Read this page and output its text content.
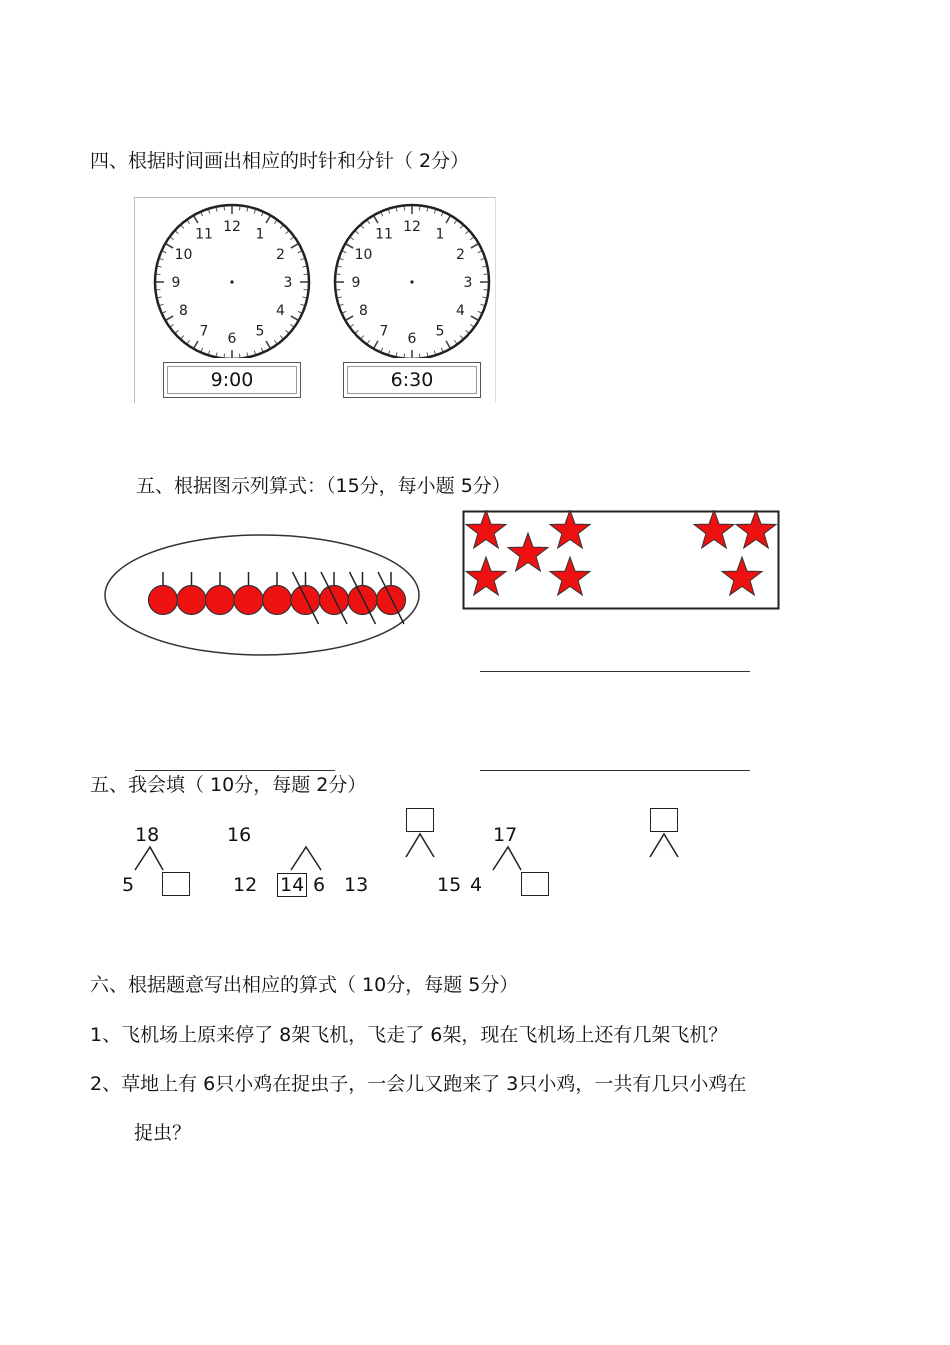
四、根据时间画出相应的时针和分针（ 2分）
12 1
2
3
4
5
6
7
8
9
10
11	12 1
2
3
4
5
6
7
8
9
10
11
9:00	6:30
五、根据图示列算式：（15分，每小题 5分）
五、我会填（ 10分，每题 2分）
18
5
16
12 14 6 13	15
17
4
六、根据题意写出相应的算式（ 10分，每题 5分）
1、飞机场上原来停了 8架飞机，飞走了 6架，现在飞机场上还有几架飞机？
2、草地上有 6只小鸡在捉虫子，一会儿又跑来了 3只小鸡，一共有几只小鸡在
捉虫？
